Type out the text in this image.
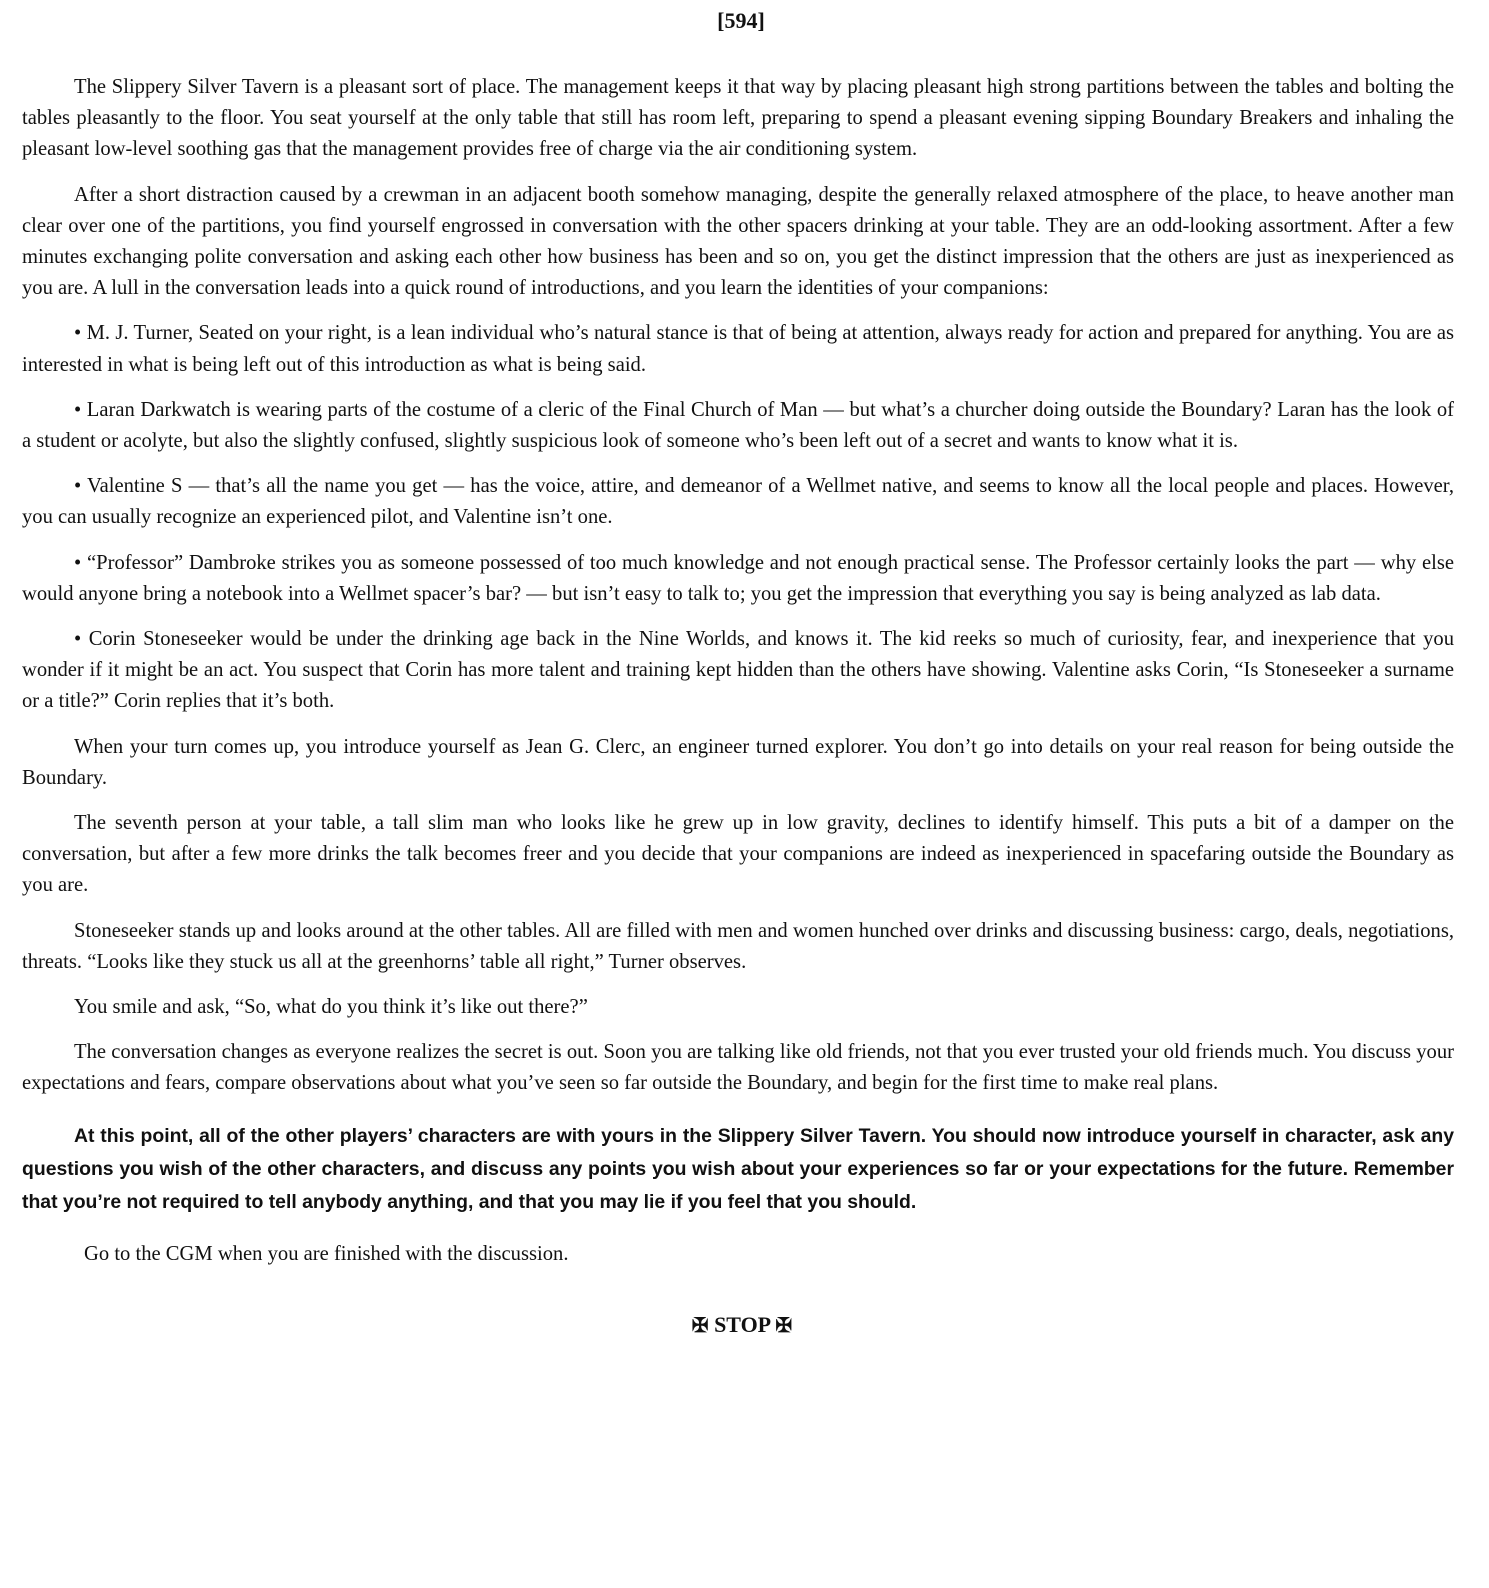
[594]

The Slippery Silver Tavern is a pleasant sort of place. The management keeps it that way by placing pleasant high strong partitions between the tables and bolting the tables pleasantly to the floor. You seat yourself at the only table that still has room left, preparing to spend a pleasant evening sipping Boundary Breakers and inhaling the pleasant low-level soothing gas that the management provides free of charge via the air conditioning system.

After a short distraction caused by a crewman in an adjacent booth somehow managing, despite the generally relaxed atmosphere of the place, to heave another man clear over one of the partitions, you find yourself engrossed in conversation with the other spacers drinking at your table. They are an odd-looking assortment. After a few minutes exchanging polite conversation and asking each other how business has been and so on, you get the distinct impression that the others are just as inexperienced as you are. A lull in the conversation leads into a quick round of introductions, and you learn the identities of your companions:

• M. J. Turner, Seated on your right, is a lean individual who’s natural stance is that of being at attention, always ready for action and prepared for anything. You are as interested in what is being left out of this introduction as what is being said.

• Laran Darkwatch is wearing parts of the costume of a cleric of the Final Church of Man — but what’s a churcher doing outside the Boundary? Laran has the look of a student or acolyte, but also the slightly confused, slightly suspicious look of someone who’s been left out of a secret and wants to know what it is.

• Valentine S — that’s all the name you get — has the voice, attire, and demeanor of a Wellmet native, and seems to know all the local people and places. However, you can usually recognize an experienced pilot, and Valentine isn’t one.

• “Professor” Dambroke strikes you as someone possessed of too much knowledge and not enough practical sense. The Professor certainly looks the part — why else would anyone bring a notebook into a Wellmet spacer’s bar? — but isn’t easy to talk to; you get the impression that everything you say is being analyzed as lab data.

• Corin Stoneseeker would be under the drinking age back in the Nine Worlds, and knows it. The kid reeks so much of curiosity, fear, and inexperience that you wonder if it might be an act. You suspect that Corin has more talent and training kept hidden than the others have showing. Valentine asks Corin, “Is Stoneseeker a surname or a title?” Corin replies that it’s both.

When your turn comes up, you introduce yourself as Jean G. Clerc, an engineer turned explorer. You don’t go into details on your real reason for being outside the Boundary.

The seventh person at your table, a tall slim man who looks like he grew up in low gravity, declines to identify himself. This puts a bit of a damper on the conversation, but after a few more drinks the talk becomes freer and you decide that your companions are indeed as inexperienced in spacefaring outside the Boundary as you are.

Stoneseeker stands up and looks around at the other tables. All are filled with men and women hunched over drinks and discussing business: cargo, deals, negotiations, threats. “Looks like they stuck us all at the greenhorns’ table all right,” Turner observes.

You smile and ask, “So, what do you think it’s like out there?”

The conversation changes as everyone realizes the secret is out. Soon you are talking like old friends, not that you ever trusted your old friends much. You discuss your expectations and fears, compare observations about what you’ve seen so far outside the Boundary, and begin for the first time to make real plans.

At this point, all of the other players’ characters are with yours in the Slippery Silver Tavern. You should now introduce yourself in character, ask any questions you wish of the other characters, and discuss any points you wish about your experiences so far or your expectations for the future. Remember that you’re not required to tell anybody anything, and that you may lie if you feel that you should.

Go to the CGM when you are finished with the discussion.

✠ STOP ✠
